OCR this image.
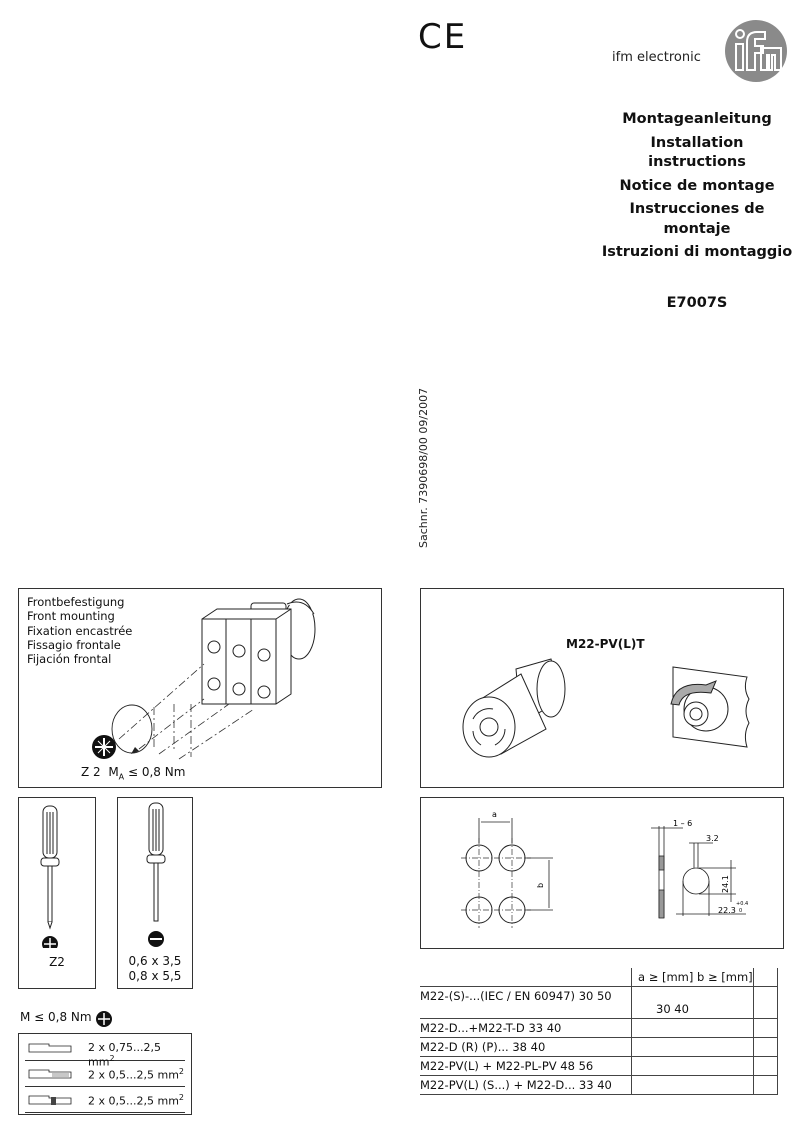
CE
ifm electronic
Montageanleitung
Installation instructions
Notice de montage
Instrucciones de montaje
Istruzioni di montaggio
E7007S
Sachnr. 7390698/00 09/2007
Frontbefestigung
Front mounting
Fixation encastrée
Fissagio frontale
Fijación frontal
Z 2 $M_A \le 0,8$ Nm
Z2	0,6 x 3,5
0,8 x 5,5
M ≤ 0,8 Nm
2 x 0,75...2,5 $mm^2$
2 x 0,5...2,5 $mm^2$
2 x 0,5...2,5 $mm^2$
M22-PV(L)T
a
b
1 – 6
3.2
24.1
22.3
+0.4
0
	a ≥ [mm] b ≥ [mm]	
M22-(S)-...(IEC / EN 60947) 30 50	30 40	
M22-D...+M22-T-D 33 40		
M22-D (R) (P)... 38 40		
M22-PV(L) + M22-PL-PV 48 56		
M22-PV(L) (S...) + M22-D... 33 40		
